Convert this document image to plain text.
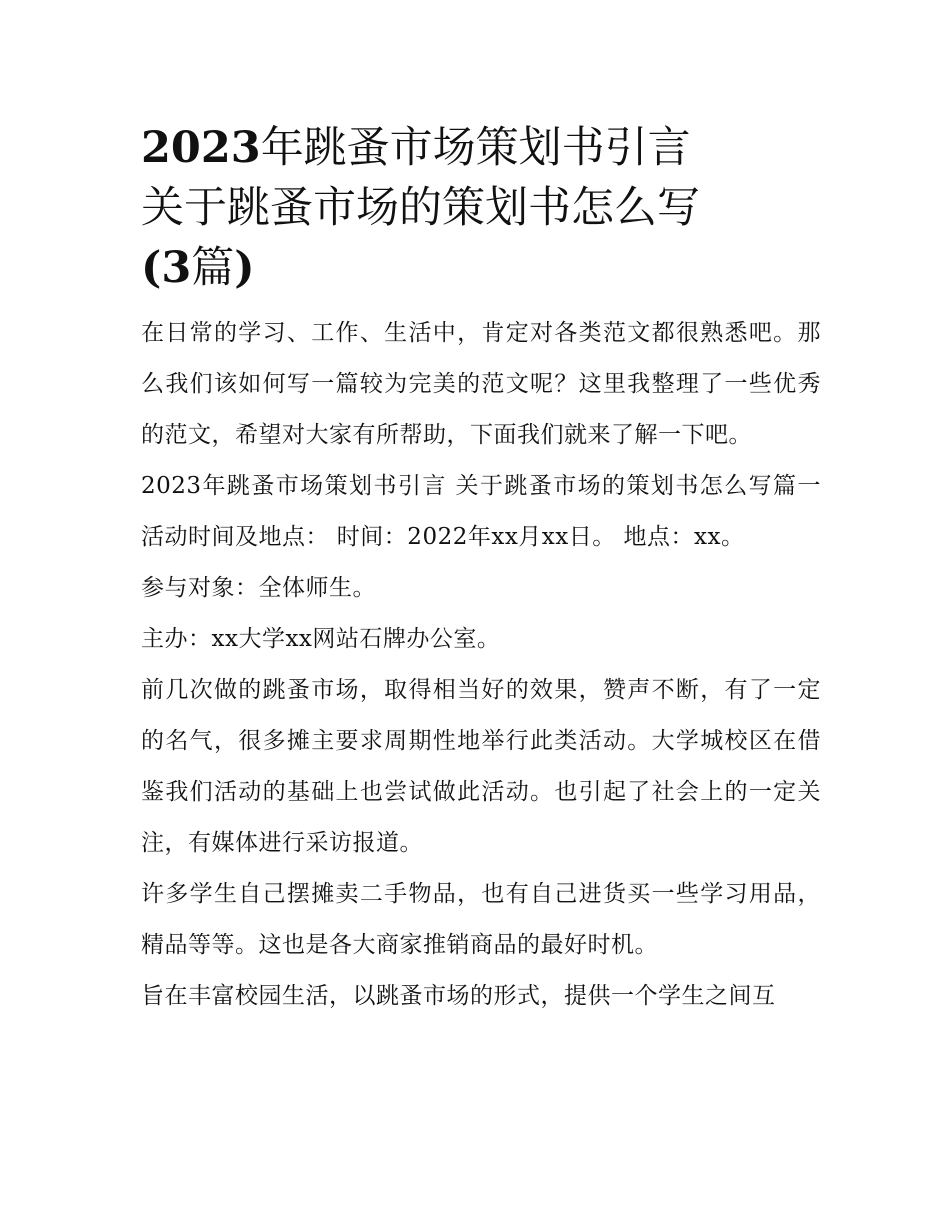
2023年跳蚤市场策划书引言
关于跳蚤市场的策划书怎么写
(3篇)

在日常的学习、工作、生活中，肯定对各类范文都很熟悉吧。那么我们该如何写一篇较为完美的范文呢？这里我整理了一些优秀的范文，希望对大家有所帮助，下面我们就来了解一下吧。

2023年跳蚤市场策划书引言 关于跳蚤市场的策划书怎么写篇一 活动时间及地点： 时间：2022年xx月xx日。 地点：xx。

参与对象：全体师生。

主办：xx大学xx网站石牌办公室。

前几次做的跳蚤市场，取得相当好的效果，赞声不断，有了一定的名气，很多摊主要求周期性地举行此类活动。大学城校区在借鉴我们活动的基础上也尝试做此活动。也引起了社会上的一定关注，有媒体进行采访报道。

许多学生自己摆摊卖二手物品，也有自己进货买一些学习用品，精品等等。这也是各大商家推销商品的最好时机。

旨在丰富校园生活，以跳蚤市场的形式，提供一个学生之间互
